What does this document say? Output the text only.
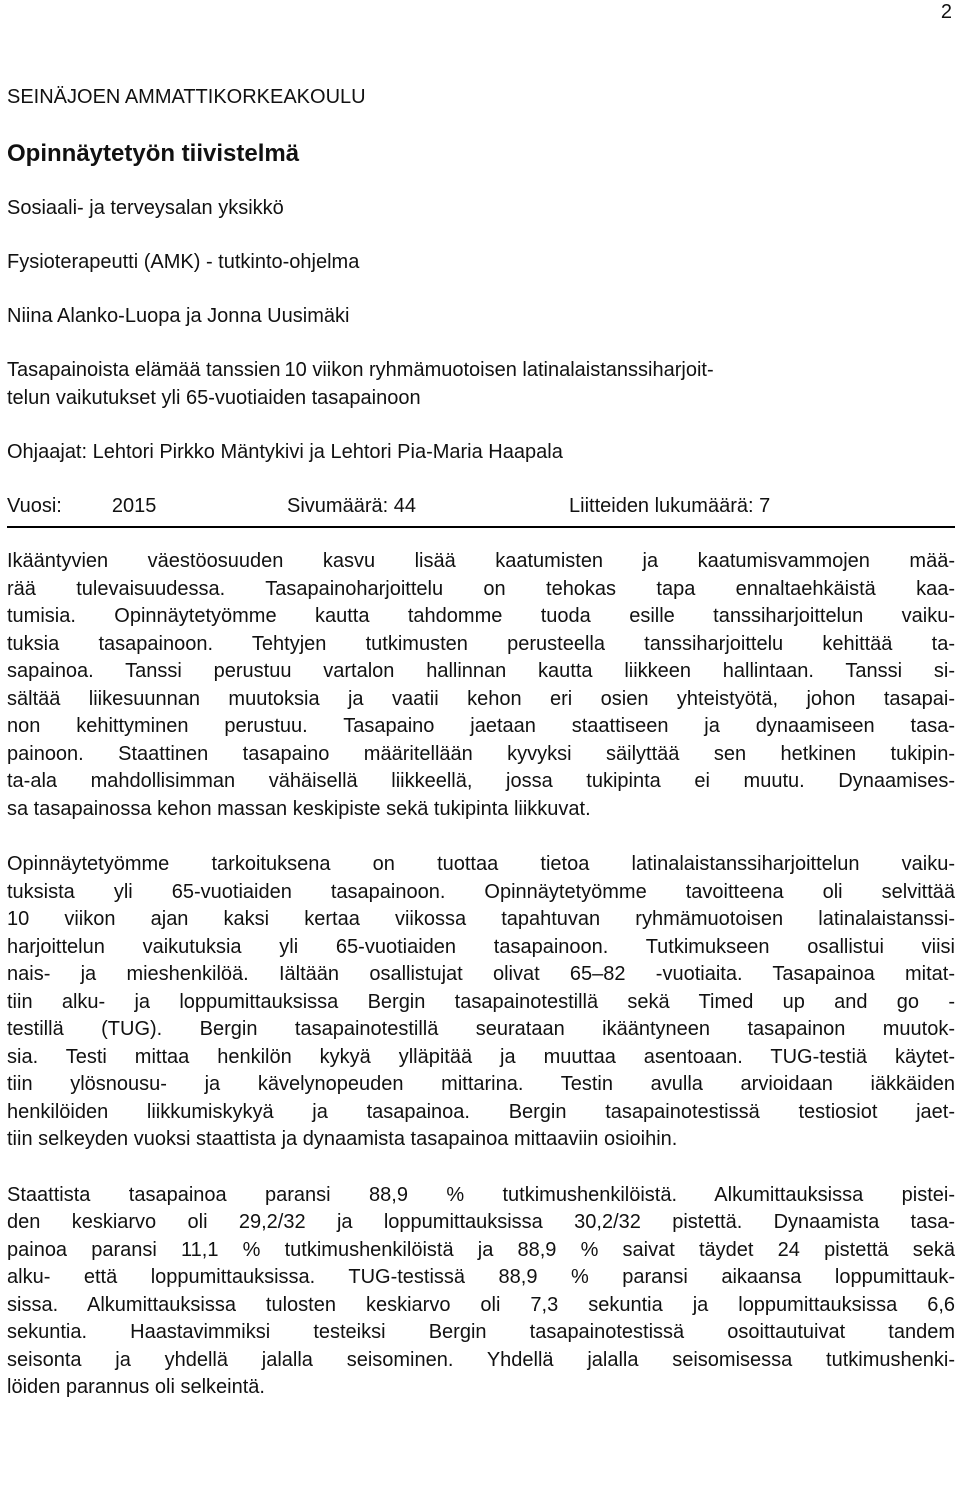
2

SEINÄJOEN AMMATTIKORKEAKOULU

Opinnäytetyön tiivistelmä

Sosiaali- ja terveysalan yksikkö

Fysioterapeutti (AMK) - tutkinto-ohjelma

Niina Alanko-Luopa ja Jonna Uusimäki

Tasapainoista elämää tanssien 10 viikon ryhmämuotoisen latinalaistanssiharjoit-

telun vaikutukset yli 65-vuotiaiden tasapainoon

Ohjaajat: Lehtori Pirkko Mäntykivi ja Lehtori Pia-Maria Haapala

Vuosi:         2015	Sivumäärä: 44	Liitteiden lukumäärä: 7

Ikääntyvien väestöosuuden kasvu lisää kaatumisten ja kaatumisvammojen mää-
rää tulevaisuudessa. Tasapainoharjoittelu on tehokas tapa ennaltaehkäistä kaa-
tumisia. Opinnäytetyömme kautta tahdomme tuoda esille tanssiharjoittelun vaiku-
tuksia tasapainoon. Tehtyjen tutkimusten perusteella tanssiharjoittelu kehittää ta-
sapainoa. Tanssi perustuu vartalon hallinnan kautta liikkeen hallintaan. Tanssi si-
sältää liikesuunnan muutoksia ja vaatii kehon eri osien yhteistyötä, johon tasapai-
non kehittyminen perustuu. Tasapaino jaetaan staattiseen ja dynaamiseen tasa-
painoon. Staattinen tasapaino määritellään kyvyksi säilyttää sen hetkinen tukipin-
ta-ala mahdollisimman vähäisellä liikkeellä, jossa tukipinta ei muutu. Dynaamises-
sa tasapainossa kehon massan keskipiste sekä tukipinta liikkuvat.

Opinnäytetyömme tarkoituksena on tuottaa tietoa latinalaistanssiharjoittelun vaiku-
tuksista yli 65-vuotiaiden tasapainoon. Opinnäytetyömme tavoitteena oli selvittää
10 viikon ajan kaksi kertaa viikossa tapahtuvan ryhmämuotoisen latinalaistanssi-
harjoittelun vaikutuksia yli 65-vuotiaiden tasapainoon. Tutkimukseen osallistui viisi
nais- ja mieshenkilöä. Iältään osallistujat olivat 65–82 -vuotiaita. Tasapainoa mitat-
tiin alku- ja loppumittauksissa Bergin tasapainotestillä sekä Timed up and go -
testillä (TUG). Bergin tasapainotestillä seurataan ikääntyneen tasapainon muutok-
sia. Testi mittaa henkilön kykyä ylläpitää ja muuttaa asentoaan. TUG-testiä käytet-
tiin ylösnousu- ja kävelynopeuden mittarina. Testin avulla arvioidaan iäkkäiden
henkilöiden liikkumiskykyä ja tasapainoa. Bergin tasapainotestissä testiosiot jaet-
tiin selkeyden vuoksi staattista ja dynaamista tasapainoa mittaaviin osioihin.

Staattista tasapainoa paransi 88,9 % tutkimushenkilöistä. Alkumittauksissa pistei-
den keskiarvo oli 29,2/32 ja loppumittauksissa 30,2/32 pistettä. Dynaamista tasa-
painoa paransi 11,1 % tutkimushenkilöistä ja 88,9 % saivat täydet 24 pistettä sekä
alku- että loppumittauksissa. TUG-testissä 88,9 % paransi aikaansa loppumittauk-
sissa. Alkumittauksissa tulosten keskiarvo oli 7,3 sekuntia ja loppumittauksissa 6,6
sekuntia. Haastavimmiksi testeiksi Bergin tasapainotestissä osoittautuivat tandem
seisonta ja yhdellä jalalla seisominen. Yhdellä jalalla seisomisessa tutkimushenki-
löiden parannus oli selkeintä.
